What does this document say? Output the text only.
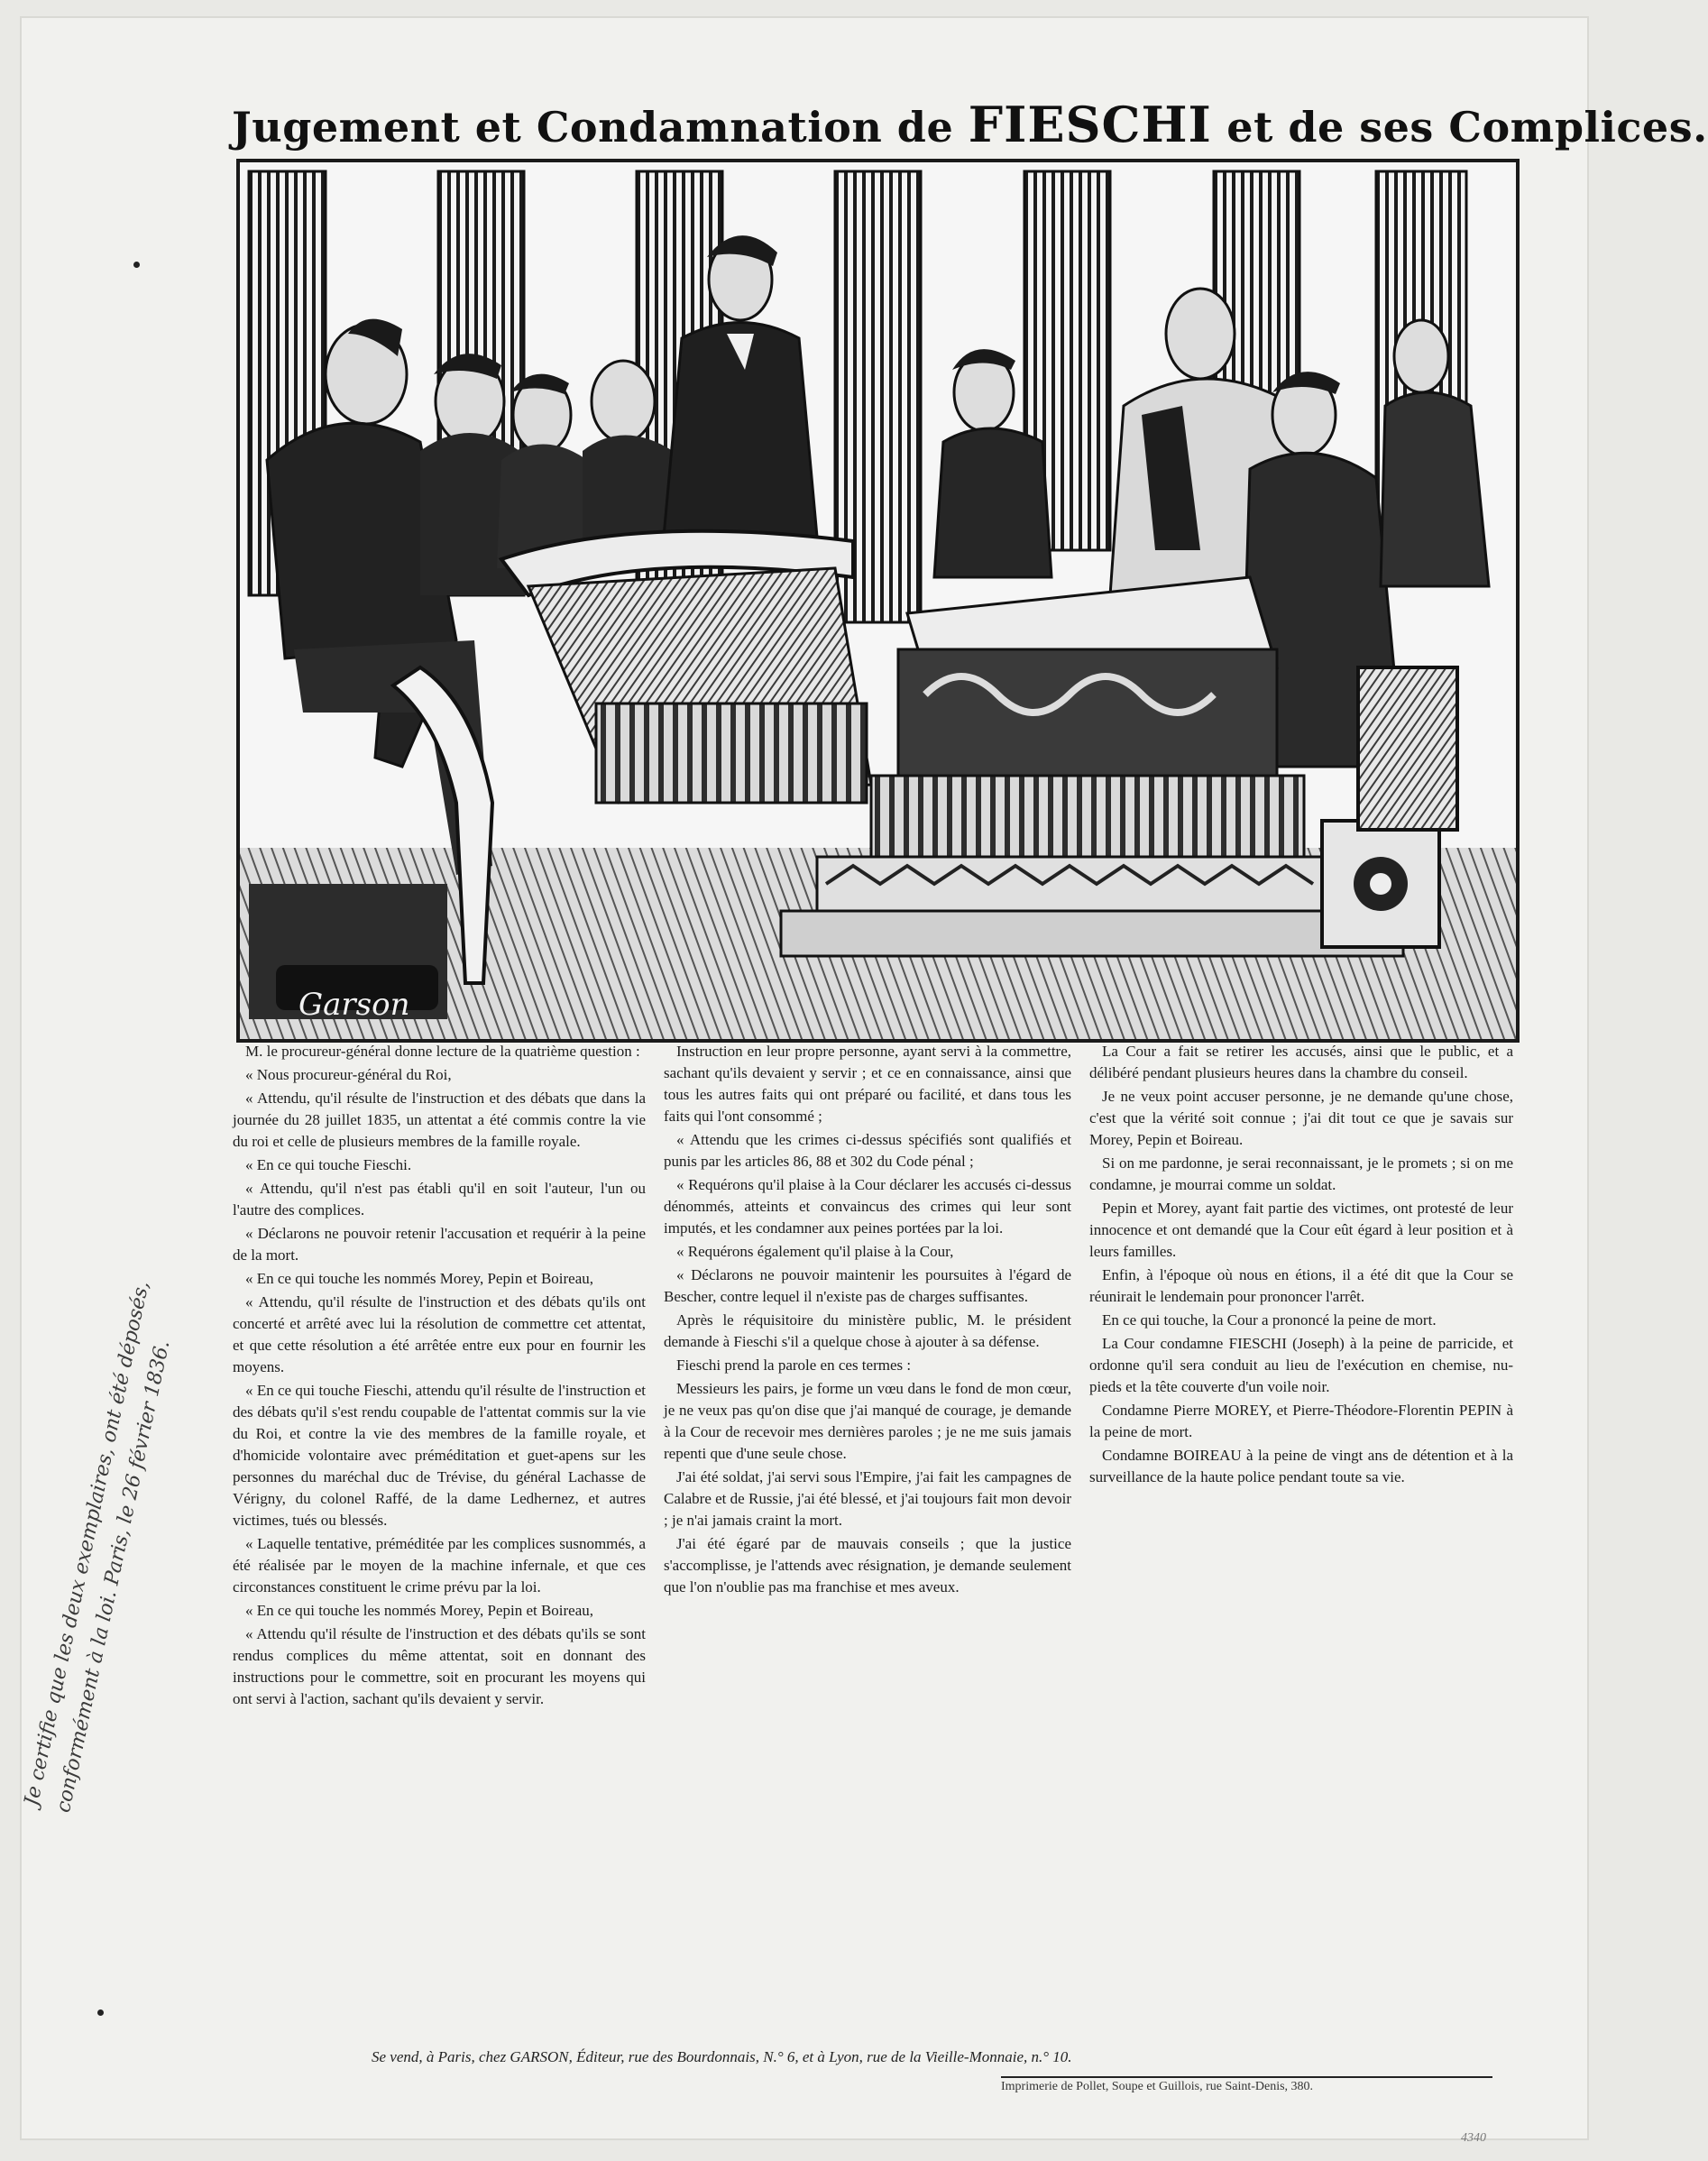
Jugement et Condamnation de FIESCHI et de ses Complices.
Garson
Je certifie que les deux exemplaires, ont été déposés, conformément à la loi. Paris, le 26 février 1836.

M. le procureur-général donne lecture de la quatrième question :

« Nous procureur-général du Roi,

« Attendu, qu'il résulte de l'instruction et des débats que dans la journée du 28 juillet 1835, un attentat a été commis contre la vie du roi et celle de plusieurs membres de la famille royale.

« En ce qui touche Fieschi.

« Attendu, qu'il n'est pas établi qu'il en soit l'auteur, l'un ou l'autre des complices.

« Déclarons ne pouvoir retenir l'accusation et requérir à la peine de la mort.

« En ce qui touche les nommés Morey, Pepin et Boireau,

« Attendu, qu'il résulte de l'instruction et des débats qu'ils ont concerté et arrêté avec lui la résolution de commettre cet attentat, et que cette résolution a été arrêtée entre eux pour en fournir les moyens.

« En ce qui touche Fieschi, attendu qu'il résulte de l'instruction et des débats qu'il s'est rendu coupable de l'attentat commis sur la vie du Roi, et contre la vie des membres de la famille royale, et d'homicide volontaire avec préméditation et guet-apens sur les personnes du maréchal duc de Trévise, du général Lachasse de Vérigny, du colonel Raffé, de la dame Ledhernez, et autres victimes, tués ou blessés.

« Laquelle tentative, préméditée par les complices susnommés, a été réalisée par le moyen de la machine infernale, et que ces circonstances constituent le crime prévu par la loi.

« En ce qui touche les nommés Morey, Pepin et Boireau,

« Attendu qu'il résulte de l'instruction et des débats qu'ils se sont rendus complices du même attentat, soit en donnant des instructions pour le commettre, soit en procurant les moyens qui ont servi à l'action, sachant qu'ils devaient y servir.

Instruction en leur propre personne, ayant servi à la commettre, sachant qu'ils devaient y servir ; et ce en connaissance, ainsi que tous les autres faits qui ont préparé ou facilité, et dans tous les faits qui l'ont consommé ;

« Attendu que les crimes ci-dessus spécifiés sont qualifiés et punis par les articles 86, 88 et 302 du Code pénal ;

« Requérons qu'il plaise à la Cour déclarer les accusés ci-dessus dénommés, atteints et convaincus des crimes qui leur sont imputés, et les condamner aux peines portées par la loi.

« Requérons également qu'il plaise à la Cour,

« Déclarons ne pouvoir maintenir les poursuites à l'égard de Bescher, contre lequel il n'existe pas de charges suffisantes.

Après le réquisitoire du ministère public, M. le président demande à Fieschi s'il a quelque chose à ajouter à sa défense.

Fieschi prend la parole en ces termes :

Messieurs les pairs, je forme un vœu dans le fond de mon cœur, je ne veux pas qu'on dise que j'ai manqué de courage, je demande à la Cour de recevoir mes dernières paroles ; je ne me suis jamais repenti que d'une seule chose.

J'ai été soldat, j'ai servi sous l'Empire, j'ai fait les campagnes de Calabre et de Russie, j'ai été blessé, et j'ai toujours fait mon devoir ; je n'ai jamais craint la mort.

J'ai été égaré par de mauvais conseils ; que la justice s'accomplisse, je l'attends avec résignation, je demande seulement que l'on n'oublie pas ma franchise et mes aveux.

La Cour a fait se retirer les accusés, ainsi que le public, et a délibéré pendant plusieurs heures dans la chambre du conseil.

Je ne veux point accuser personne, je ne demande qu'une chose, c'est que la vérité soit connue ; j'ai dit tout ce que je savais sur Morey, Pepin et Boireau.

Si on me pardonne, je serai reconnaissant, je le promets ; si on me condamne, je mourrai comme un soldat.

Pepin et Morey, ayant fait partie des victimes, ont protesté de leur innocence et ont demandé que la Cour eût égard à leur position et à leurs familles.

Enfin, à l'époque où nous en étions, il a été dit que la Cour se réunirait le lendemain pour prononcer l'arrêt.

En ce qui touche, la Cour a prononcé la peine de mort.

La Cour condamne FIESCHI (Joseph) à la peine de parricide, et ordonne qu'il sera conduit au lieu de l'exécution en chemise, nu-pieds et la tête couverte d'un voile noir.

Condamne Pierre MOREY, et Pierre-Théodore-Florentin PEPIN à la peine de mort.

Condamne BOIREAU à la peine de vingt ans de détention et à la surveillance de la haute police pendant toute sa vie.

Se vend, à Paris, chez GARSON, Éditeur, rue des Bourdonnais, N.° 6, et à Lyon, rue de la Vieille-Monnaie, n.° 10.
Imprimerie de Pollet, Soupe et Guillois, rue Saint-Denis, 380.
4340
